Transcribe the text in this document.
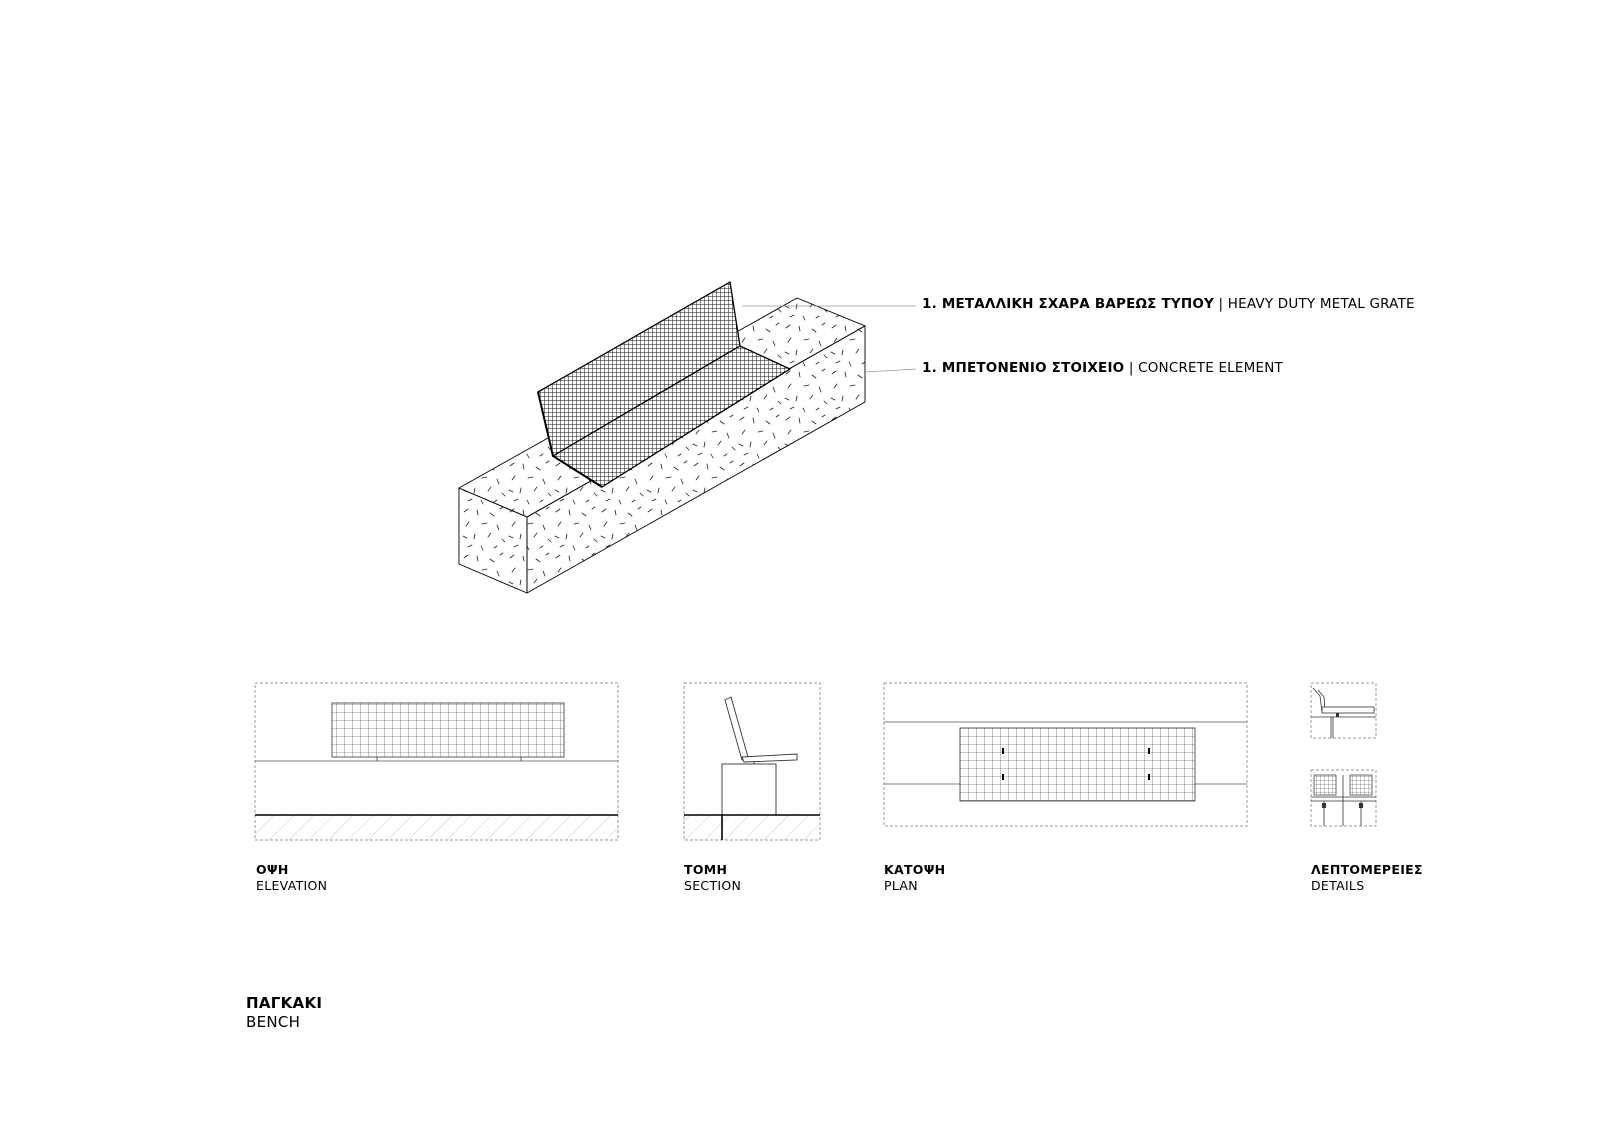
1. ΜΕΤΑΛΛΙΚΗ ΣΧΑΡΑ ΒΑΡΕΩΣ ΤΥΠΟΥ | HEAVY DUTY METAL GRATE
1. ΜΠΕΤΟΝΕΝΙΟ ΣΤΟΙΧΕΙΟ | CONCRETE ELEMENT
ΟΨΗ
ELEVATION
ΤΟΜΗ
SECTION
ΚΑΤΟΨΗ
PLAN
ΛΕΠΤΟΜΕΡΕΙΕΣ
DETAILS
ΠΑΓΚΑΚΙ
BENCH
